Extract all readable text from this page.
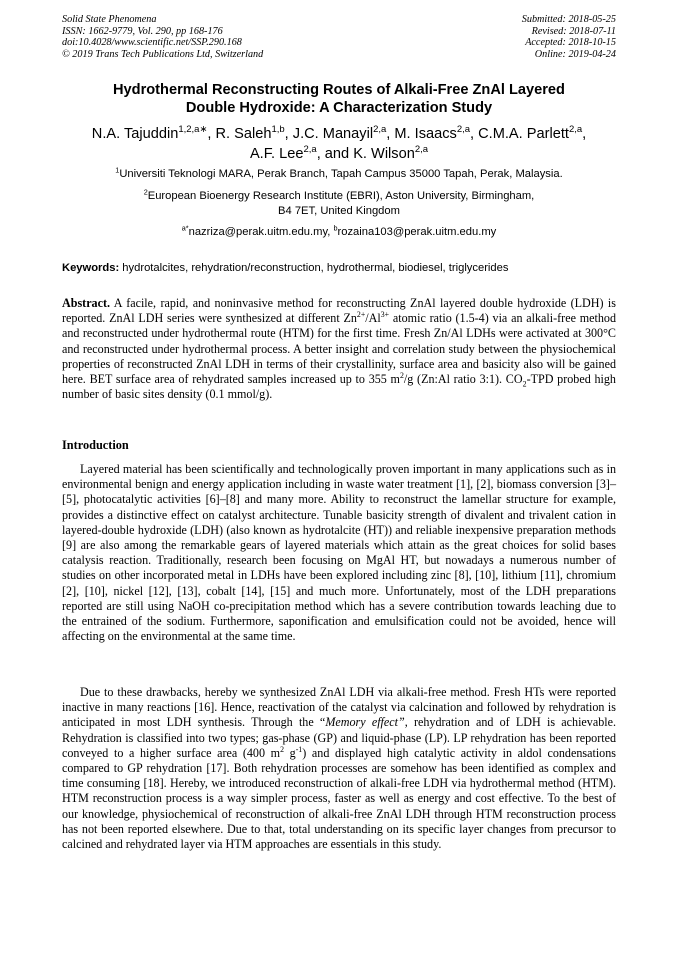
Solid State Phenomena
ISSN: 1662-9779, Vol. 290, pp 168-176
doi:10.4028/www.scientific.net/SSP.290.168
© 2019 Trans Tech Publications Ltd, Switzerland
Submitted: 2018-05-25
Revised: 2018-07-11
Accepted: 2018-10-15
Online: 2019-04-24
Hydrothermal Reconstructing Routes of Alkali-Free ZnAl Layered
Double Hydroxide: A Characterization Study
N.A. Tajuddin$^{1,2,a∗}$, R. Saleh$^{1,b}$, J.C. Manayil$^{2,a}$, M. Isaacs$^{2,a}$, C.M.A. Parlett$^{2,a}$,
A.F. Lee$^{2,a}$, and K. Wilson$^{2,a}$
$^1$Universiti Teknologi MARA, Perak Branch, Tapah Campus 35000 Tapah, Perak, Malaysia.
$^2$European Bioenergy Research Institute (EBRI), Aston University, Birmingham,
B4 7ET, United Kingdom
$^{a*}$nazriza@perak.uitm.edu.my, $^b$rozaina103@perak.uitm.edu.my
Keywords: hydrotalcites, rehydration/reconstruction, hydrothermal, biodiesel, triglycerides
Abstract. A facile, rapid, and noninvasive method for reconstructing ZnAl layered double hydroxide (LDH) is reported. ZnAl LDH series were synthesized at different $Zn^{2+}/Al^{3+}$ atomic ratio (1.5-4) via an alkali-free method and reconstructed under hydrothermal route (HTM) for the first time. Fresh Zn/Al LDHs were activated at 300°C and reconstructed under hydrothermal process. A better insight and correlation study between the physiochemical properties of reconstructed ZnAl LDH in terms of their crystallinity, surface area and basicity also will be gained here. BET surface area of rehydrated samples increased up to 355 $m^2/g$ (Zn:Al ratio 3:1). $CO_2$-TPD probed high number of basic sites density (0.1 mmol/g).
Introduction
Layered material has been scientifically and technologically proven important in many applications such as in environmental benign and energy application including in waste water treatment [1], [2], biomass conversion [3]–[5], photocatalytic activities [6]–[8] and many more. Ability to reconstruct the lamellar structure for example, provides a distinctive effect on catalyst architecture. Tunable basicity strength of divalent and trivalent cation in layered-double hydroxide (LDH) (also known as hydrotalcite (HT)) and reliable inexpensive preparation methods [9] are also among the remarkable gears of layered materials which attain as the great choices for solid bases catalysis reaction. Traditionally, research been focusing on MgAl HT, but nowadays a numerous number of studies on other incorporated metal in LDHs have been explored including zinc [8], [10], lithium [11], chromium [2], [10], nickel [12], [13], cobalt [14], [15] and much more. Unfortunately, most of the LDH preparations reported are still using NaOH co-precipitation method which has a severe contribution towards leaching due to the entrained of the sodium. Furthermore, saponification and emulsification could not be avoided, hence will affecting on the environmental at the same time.
Due to these drawbacks, hereby we synthesized ZnAl LDH via alkali-free method. Fresh HTs were reported inactive in many reactions [16]. Hence, reactivation of the catalyst via calcination and followed by rehydration is anticipated in most LDH synthesis. Through the “Memory effect”, rehydration and of LDH is achievable. Rehydration is classified into two types; gas-phase (GP) and liquid-phase (LP). LP rehydration has been reported conveyed to a higher surface area (400 $m^2$ $g^{-1}$) and displayed high catalytic activity in aldol condensations compared to GP rehydration [17]. Both rehydration processes are somehow has been identified as complex and time consuming [18]. Hereby, we introduced reconstruction of alkali-free LDH via hydrothermal method (HTM). HTM reconstruction process is a way simpler process, faster as well as energy and cost effective. To the best of our knowledge, physiochemical of reconstruction of alkali-free ZnAl LDH through HTM reconstruction process has not been reported elsewhere. Due to that, total understanding on its specific layer changes from precursor to calcined and rehydrated layer via HTM approaches are essentials in this study.
